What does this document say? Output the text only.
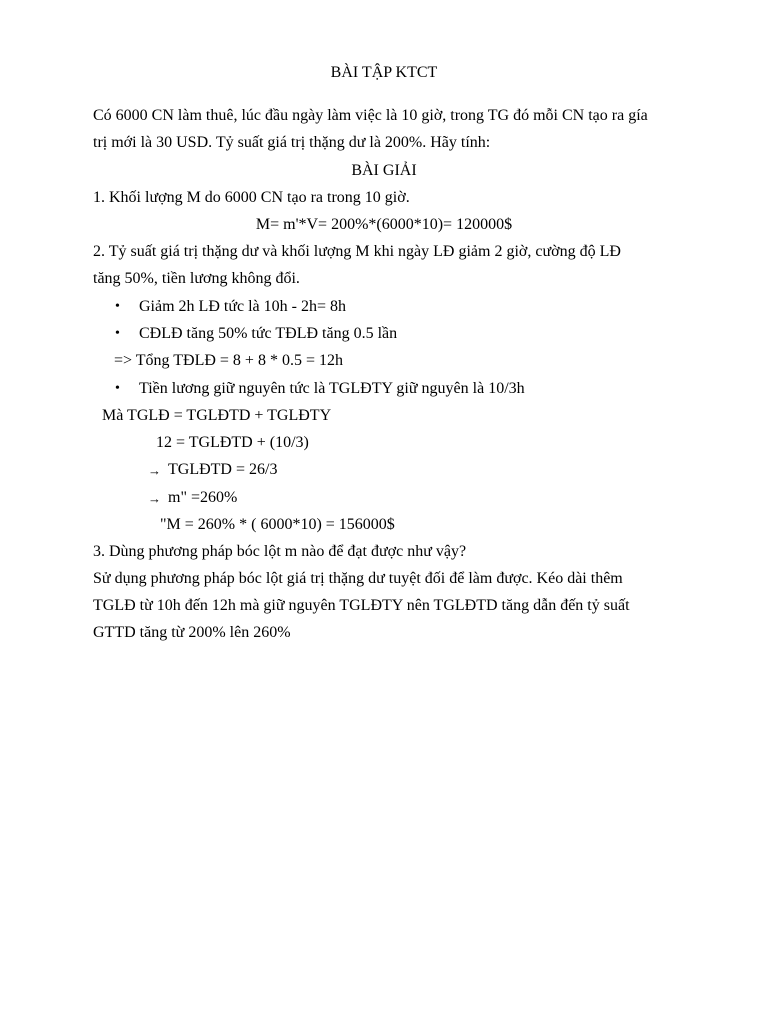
BÀI TẬP KTCT
Có 6000 CN làm thuê, lúc đầu ngày làm việc là 10 giờ, trong TG đó mỗi CN tạo ra gía
trị mới là 30 USD. Tỷ suất giá trị thặng dư là 200%. Hãy tính:
BÀI GIẢI
1. Khối lượng M do 6000 CN tạo ra trong 10 giờ.
M= m'*V= 200%*(6000*10)= 120000$
2. Tỷ suất giá trị thặng dư và khối lượng M khi ngày LĐ giảm 2 giờ, cường độ LĐ
tăng 50%, tiền lương không đổi.
• Giảm 2h LĐ tức là 10h - 2h= 8h
• CĐLĐ tăng 50% tức TĐLĐ tăng 0.5 lần
=> Tổng TĐLĐ = 8 + 8 * 0.5 = 12h
• Tiền lương giữ nguyên tức là TGLĐTY giữ nguyên là 10/3h
Mà TGLĐ = TGLĐTD + TGLĐTY
12 = TGLĐTD + (10/3)
→ TGLĐTD = 26/3
→ m" =260%
"M = 260% * ( 6000*10) = 156000$
3. Dùng phương pháp bóc lột m nào để đạt được như vậy?
Sử dụng phương pháp bóc lột giá trị thặng dư tuyệt đối để làm được. Kéo dài thêm
TGLĐ từ 10h đến 12h mà giữ nguyên TGLĐTY nên TGLĐTD tăng dẫn đến tỷ suất
GTTD tăng từ 200% lên 260%
